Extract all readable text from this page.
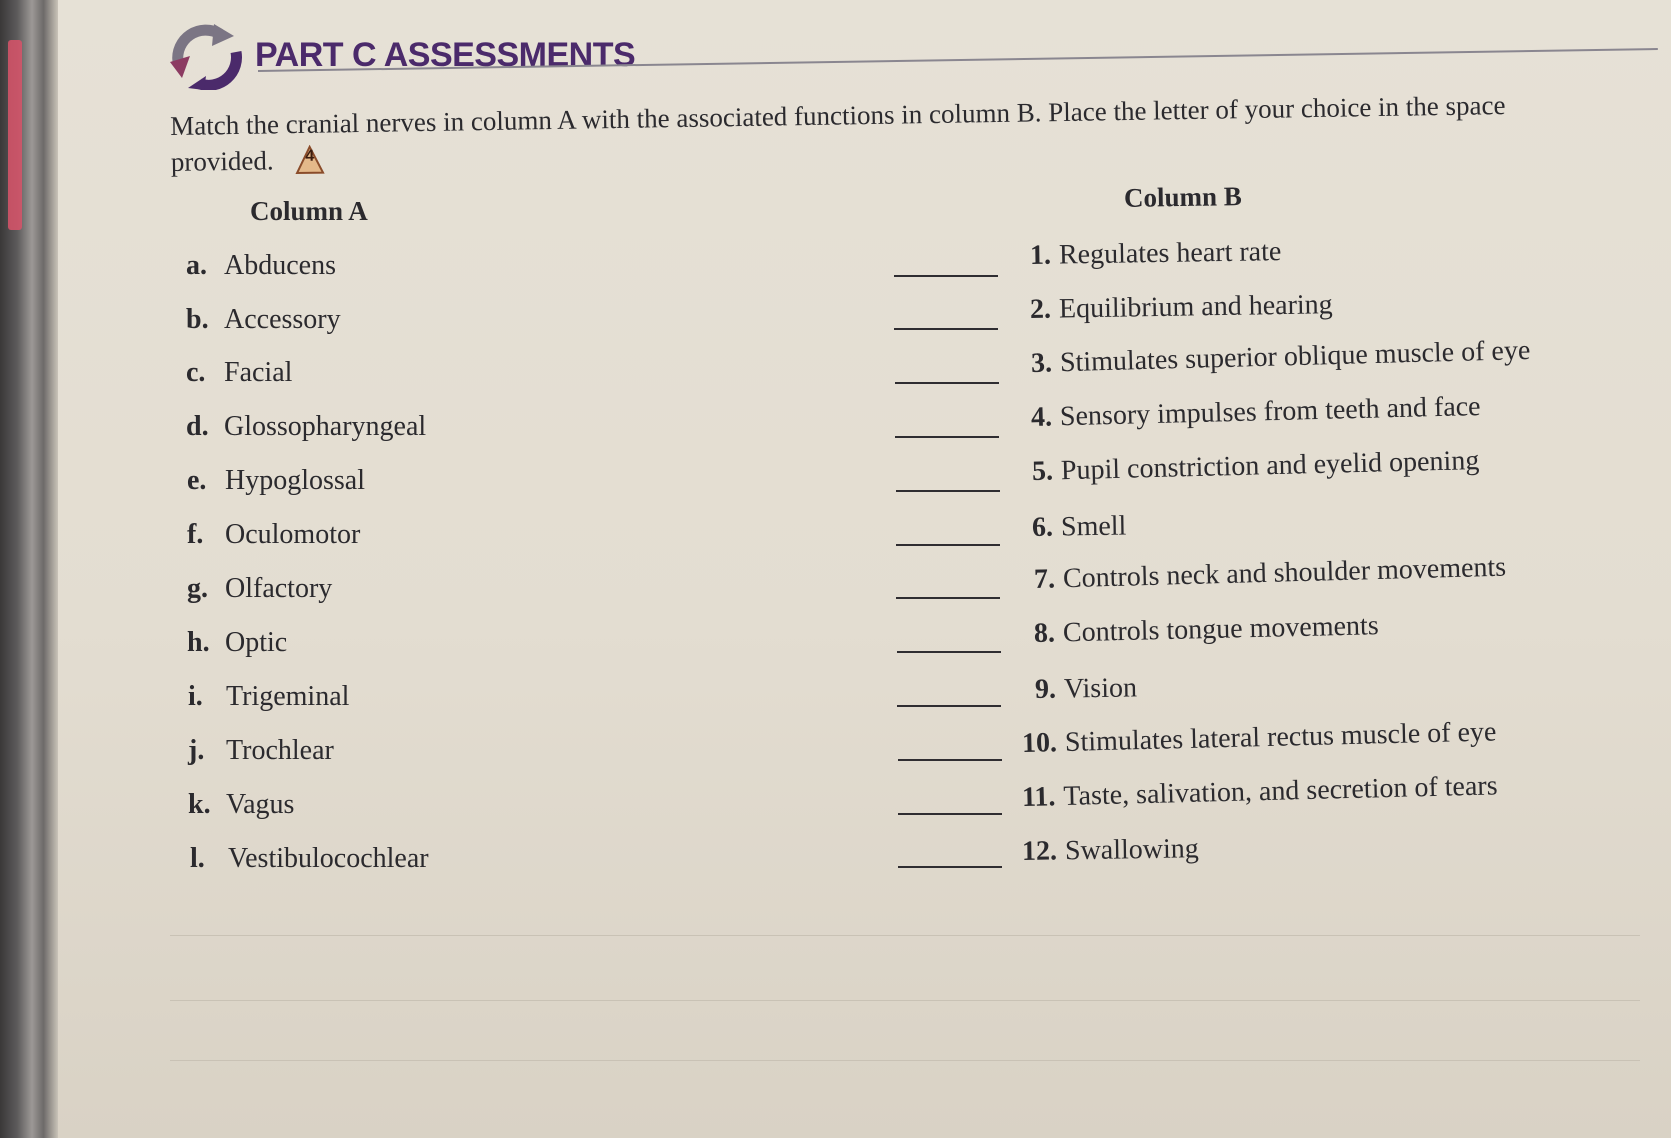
PART C ASSESSMENTS
Match the cranial nerves in column A with the associated functions in column B. Place the letter of your choice in the space provided. 4
Column A	Column B
a. Abducens
b. Accessory
c. Facial
d. Glossopharyngeal
e. Hypoglossal
f. Oculomotor
g. Olfactory
h. Optic
i. Trigeminal
j. Trochlear
k. Vagus
l. Vestibulocochlear
1. Regulates heart rate
2. Equilibrium and hearing
3. Stimulates superior oblique muscle of eye
4. Sensory impulses from teeth and face
5. Pupil constriction and eyelid opening
6. Smell
7. Controls neck and shoulder movements
8. Controls tongue movements
9. Vision
10. Stimulates lateral rectus muscle of eye
11. Taste, salivation, and secretion of tears
12. Swallowing
